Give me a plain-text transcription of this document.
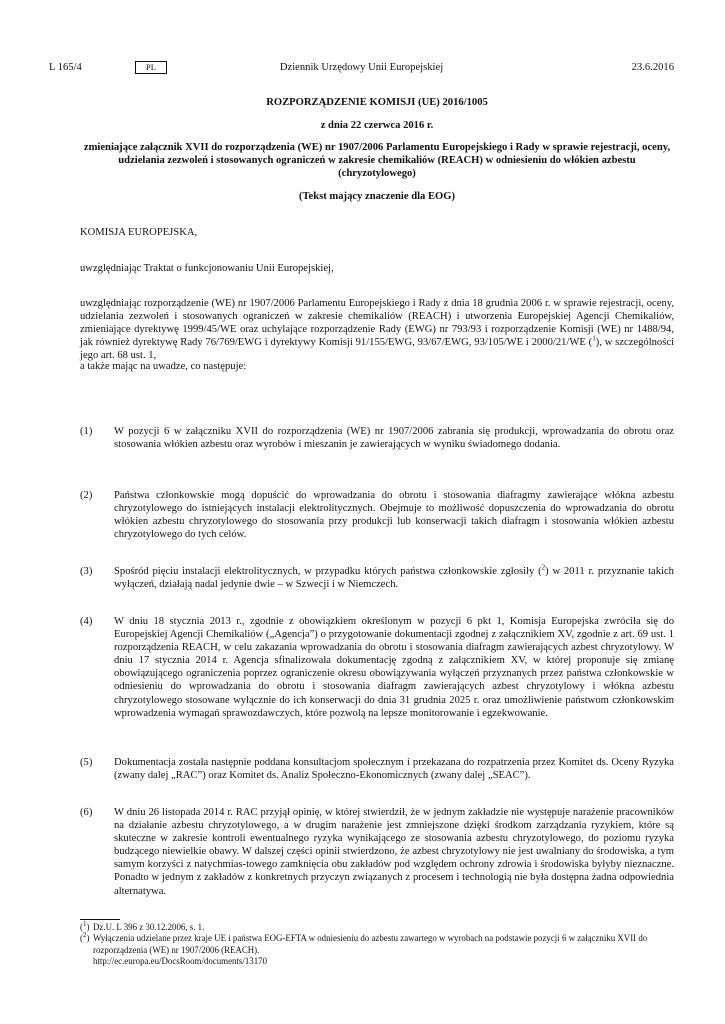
Dziennik Urzędowy Unii Europejskiej
L 165/4	PL	23.6.2016
ROZPORZĄDZENIE KOMISJI (UE) 2016/1005
z dnia 22 czerwca 2016 r.
zmieniające załącznik XVII do rozporządzenia (WE) nr 1907/2006 Parlamentu Europejskiego i Rady w sprawie rejestracji, oceny, udzielania zezwoleń i stosowanych ograniczeń w zakresie chemikaliów (REACH) w odniesieniu do włókien azbestu (chryzotylowego)
(Tekst mający znaczenie dla EOG)
KOMISJA EUROPEJSKA,
uwzględniając Traktat o funkcjonowaniu Unii Europejskiej,
uwzględniając rozporządzenie (WE) nr 1907/2006 Parlamentu Europejskiego i Rady z dnia 18 grudnia 2006 r. w sprawie rejestracji, oceny, udzielania zezwoleń i stosowanych ograniczeń w zakresie chemikaliów (REACH) i utworzenia Europejskiej Agencji Chemikaliów, zmieniające dyrektywę 1999/45/WE oraz uchylające rozporządzenie Rady (EWG) nr 793/93 i rozporządzenie Komisji (WE) nr 1488/94, jak również dyrektywę Rady 76/769/EWG i dyrektywy Komisji 91/155/EWG, 93/67/EWG, 93/105/WE i 2000/21/WE ($^1$), w szczególności jego art. 68 ust. 1,
a także mając na uwadze, co następuje:
(1) W pozycji 6 w załączniku XVII do rozporządzenia (WE) nr 1907/2006 zabrania się produkcji, wprowadzania do obrotu oraz stosowania włókien azbestu oraz wyrobów i mieszanin je zawierających w wyniku świadomego dodania.
(2) Państwa członkowskie mogą dopuścić do wprowadzania do obrotu i stosowania diafragmy zawierające włókna azbestu chryzotylowego do istniejących instalacji elektrolitycznych. Obejmuje to możliwość dopuszczenia do wprowadzania do obrotu włókien azbestu chryzotylowego do stosowania przy produkcji lub konserwacji takich diafragm i stosowania włókien azbestu chryzotylowego do tych celów.
(3) Spośród pięciu instalacji elektrolitycznych, w przypadku których państwa członkowskie zgłosiły ($^2$) w 2011 r. przyznanie takich wyłączeń, działają nadal jedynie dwie – w Szwecji i w Niemczech.
(4) W dniu 18 stycznia 2013 r., zgodnie z obowiązkiem określonym w pozycji 6 pkt 1, Komisja Europejska zwróciła się do Europejskiej Agencji Chemikaliów („Agencja”) o przygotowanie dokumentacji zgodnej z załącznikiem XV, zgodnie z art. 69 ust. 1 rozporządzenia REACH, w celu zakazania wprowadzania do obrotu i stosowania diafragm zawierających azbest chryzotylowy. W dniu 17 stycznia 2014 r. Agencja sfinalizowała dokumentację zgodną z załącznikiem XV, w której proponuje się zmianę obowiązującego ograniczenia poprzez ograniczenie okresu obowiązywania wyłączeń przyznanych przez państwa członkowskie w odniesieniu do wprowadzania do obrotu i stosowania diafragm zawierających azbest chryzotylowy i włókna azbestu chryzotylowego stosowane wyłącznie do ich konserwacji do dnia 31 grudnia 2025 r. oraz umożliwienie państwom członkowskim wprowadzenia wymagań sprawozdawczych, które pozwolą na lepsze monitorowanie i egzekwowanie.
(5) Dokumentacja została następnie poddana konsultacjom społecznym i przekazana do rozpatrzenia przez Komitet ds. Oceny Ryzyka (zwany dalej „RAC”) oraz Komitet ds. Analiz Społeczno-Ekonomicznych (zwany dalej „SEAC”).
(6) W dniu 26 listopada 2014 r. RAC przyjął opinię, w której stwierdził, że w jednym zakładzie nie występuje narażenie pracowników na działanie azbestu chryzotylowego, a w drugim narażenie jest zmniejszone dzięki środkom zarządzania ryzykiem, które są skuteczne w zakresie kontroli ewentualnego ryzyka wynikającego ze stosowania azbestu chryzotylowego, do poziomu ryzyka budzącego niewielkie obawy. W dalszej części opinii stwierdzono, że azbest chryzotylowy nie jest uwalniany do środowiska, a tym samym korzyści z natychmias-towego zamknięcia obu zakładów pod względem ochrony zdrowia i środowiska byłyby nieznaczne. Ponadto w jednym z zakładów z konkretnych przyczyn związanych z procesem i technologią nie była dostępna żadna odpowiednia alternatywa.
($^1$) Dz.U. L 396 z 30.12.2006, s. 1.
($^2$) Wyłączenia udzielane przez kraje UE i państwa EOG-EFTA w odniesieniu do azbestu zawartego w wyrobach na podstawie pozycji 6 w załączniku XVII do rozporządzenia (WE) nr 1907/2006 (REACH).
http://ec.europa.eu/DocsRoom/documents/13170
